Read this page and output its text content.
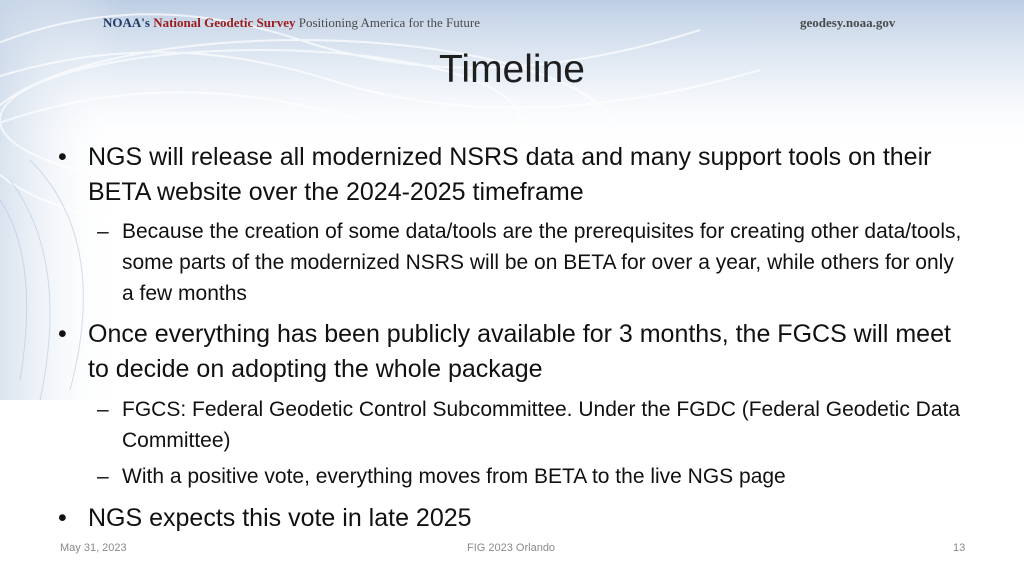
NOAA's National Geodetic Survey Positioning America for the Future	geodesy.noaa.gov
Timeline
• NGS will release all modernized NSRS data and many support tools on their BETA website over the 2024-2025 timeframe
– Because the creation of some data/tools are the prerequisites for creating other data/tools, some parts of the modernized NSRS will be on BETA for over a year, while others for only a few months
• Once everything has been publicly available for 3 months, the FGCS will meet to decide on adopting the whole package
– FGCS: Federal Geodetic Control Subcommittee. Under the FGDC (Federal Geodetic Data Committee)
– With a positive vote, everything moves from BETA to the live NGS page
• NGS expects this vote in late 2025
May 31, 2023	FIG 2023 Orlando	13
